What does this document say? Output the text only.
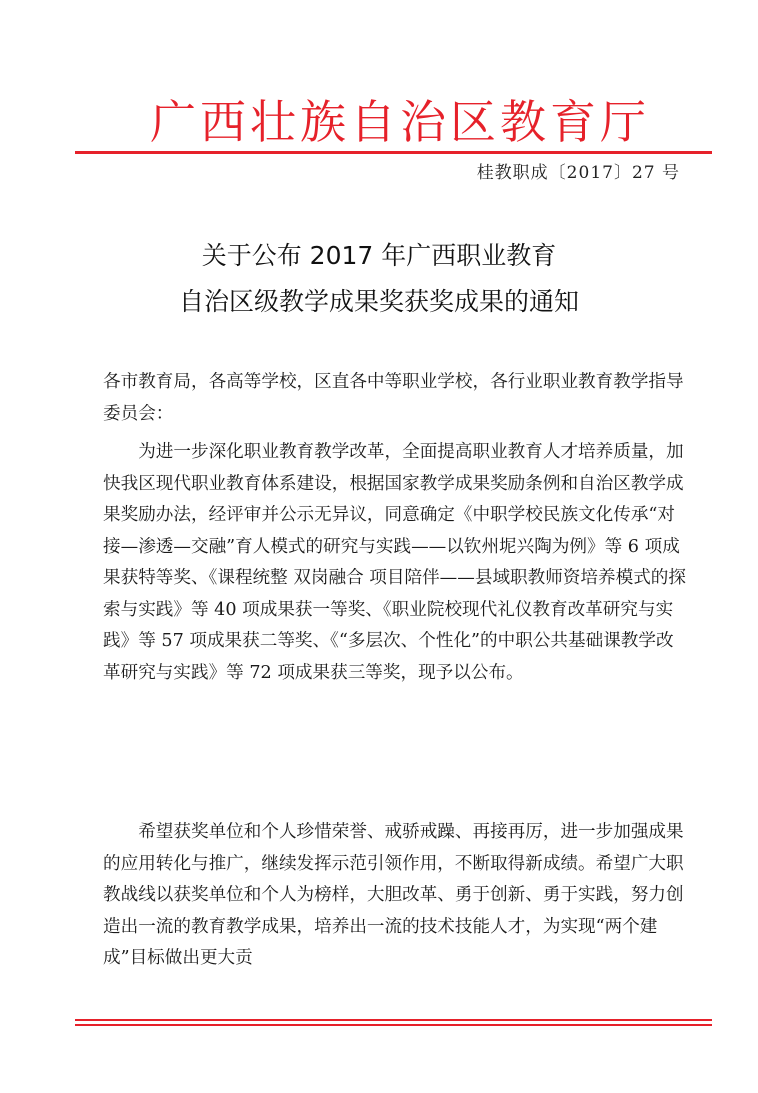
广西壮族自治区教育厅
桂教职成〔2017〕27 号
关于公布 2017 年广西职业教育
自治区级教学成果奖获奖成果的通知
各市教育局，各高等学校，区直各中等职业学校，各行业职业教育教学指导委员会：
为进一步深化职业教育教学改革，全面提高职业教育人才培养质量，加快我区现代职业教育体系建设，根据国家教学成果奖励条例和自治区教学成果奖励办法，经评审并公示无异议，同意确定《中职学校民族文化传承“对接—渗透—交融”育人模式的研究与实践——以钦州坭兴陶为例》等 6 项成果获特等奖、《课程统整 双岗融合 项目陪伴——县域职教师资培养模式的探索与实践》等 40 项成果获一等奖、《职业院校现代礼仪教育改革研究与实践》等 57 项成果获二等奖、《“多层次、个性化”的中职公共基础课教学改革研究与实践》等 72 项成果获三等奖，现予以公布。
希望获奖单位和个人珍惜荣誉、戒骄戒躁、再接再厉，进一步加强成果的应用转化与推广，继续发挥示范引领作用，不断取得新成绩。希望广大职教战线以获奖单位和个人为榜样，大胆改革、勇于创新、勇于实践，努力创造出一流的教育教学成果，培养出一流的技术技能人才，为实现“两个建成”目标做出更大贡
